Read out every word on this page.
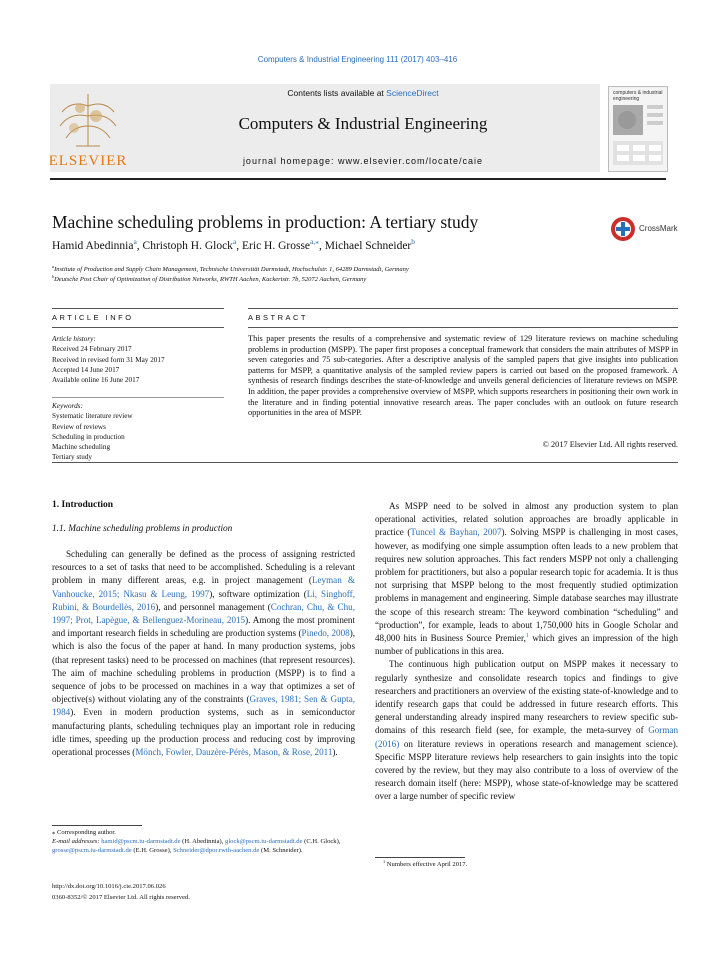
Computers & Industrial Engineering 111 (2017) 403–416
ELSEVIER
Contents lists available at ScienceDirect
Computers & Industrial Engineering
journal homepage: www.elsevier.com/locate/caie
computers & industrial engineering
Machine scheduling problems in production: A tertiary study	CrossMark
Hamid Abedinnia$^a$, Christoph H. Glock$^a$, Eric H. Grosse$^{a,⁎}$, Michael Schneider$^b$
$^a$Institute of Production and Supply Chain Management, Technische Universität Darmstadt, Hochschulstr. 1, 64289 Darmstadt, Germany
$^b$Deutsche Post Chair of Optimization of Distribution Networks, RWTH Aachen, Kackertstr. 7b, 52072 Aachen, Germany
ARTICLE INFO
Article history:
Received 24 February 2017
Received in revised form 31 May 2017
Accepted 14 June 2017
Available online 16 June 2017
Keywords:
Systematic literature review
Review of reviews
Scheduling in production
Machine scheduling
Tertiary study
ABSTRACT
This paper presents the results of a comprehensive and systematic review of 129 literature reviews on machine scheduling problems in production (MSPP). The paper first proposes a conceptual framework that considers the main attributes of MSPP in seven categories and 75 sub-categories. After a descriptive analysis of the sampled papers that give insights into publication patterns for MSPP, a quantitative analysis of the sampled review papers is carried out based on the proposed framework. A synthesis of research findings describes the state-of-knowledge and unveils general deficiencies of literature reviews on MSPP. In addition, the paper provides a comprehensive overview of MSPP, which supports researchers in positioning their own work in the literature and in finding potential innovative research areas. The paper concludes with an outlook on future research opportunities in the area of MSPP.
© 2017 Elsevier Ltd. All rights reserved.
1. Introduction
1.1. Machine scheduling problems in production

Scheduling can generally be defined as the process of assigning restricted resources to a set of tasks that need to be accomplished. Scheduling is a relevant problem in many different areas, e.g. in project management (Leyman & Vanhoucke, 2015; Nkasu & Leung, 1997), software optimization (Li, Singhoff, Rubini, & Bourdellès, 2016), and personnel management (Cochran, Chu, & Chu, 1997; Prot, Lapègue, & Bellenguez-Morineau, 2015). Among the most prominent and important research fields in scheduling are production systems (Pinedo, 2008), which is also the focus of the paper at hand. In many production systems, jobs (that represent tasks) need to be processed on machines (that represent resources). The aim of machine scheduling problems in production (MSPP) is to find a sequence of jobs to be processed on machines in a way that optimizes a set of objective(s) without violating any of the constraints (Graves, 1981; Sen & Gupta, 1984). Even in modern production systems, such as in semiconductor manufacturing plants, scheduling techniques play an important role in reducing idle times, speeding up the production process and reducing cost by improving operational processes (Mönch, Fowler, Dauzère-Pérès, Mason, & Rose, 2011).

As MSPP need to be solved in almost any production system to plan operational activities, related solution approaches are broadly applicable in practice (Tuncel & Bayhan, 2007). Solving MSPP is challenging in most cases, however, as modifying one simple assumption often leads to a new problem that requires new solution approaches. This fact renders MSPP not only a challenging problem for practitioners, but also a popular research topic for academia. It is thus not surprising that MSPP belong to the most frequently studied optimization problems in management and engineering. Simple database searches may illustrate the scope of this research stream: The keyword combination “scheduling” and “production”, for example, leads to about 1,750,000 hits in Google Scholar and 48,000 hits in Business Source Premier,$^1$ which gives an impression of the high number of publications in this area.

The continuous high publication output on MSPP makes it necessary to regularly synthesize and consolidate research topics and findings to give researchers and practitioners an overview of the existing state-of-knowledge and to identify research gaps that could be addressed in future research efforts. This general understanding already inspired many researchers to review specific sub-domains of this research field (see, for example, the meta-survey of Gorman (2016) on literature reviews in operations research and management science). Specific MSPP literature reviews help researchers to gain insights into the topic covered by the review, but they may also contribute to a loss of overview of the research domain itself (here: MSPP), whose state-of-knowledge may be scattered over a large number of specific review

⁎ Corresponding author.
E-mail addresses: hamid@pscm.tu-darmstadt.de (H. Abedinnia), glock@pscm.tu-darmstadt.de (C.H. Glock), grosse@pscm.tu-darmstadt.de (E.H. Grosse), Schneider@dpor.rwth-aachen.de (M. Schneider).
$^1$ Numbers effective April 2017.
http://dx.doi.org/10.1016/j.cie.2017.06.026
0360-8352/© 2017 Elsevier Ltd. All rights reserved.
